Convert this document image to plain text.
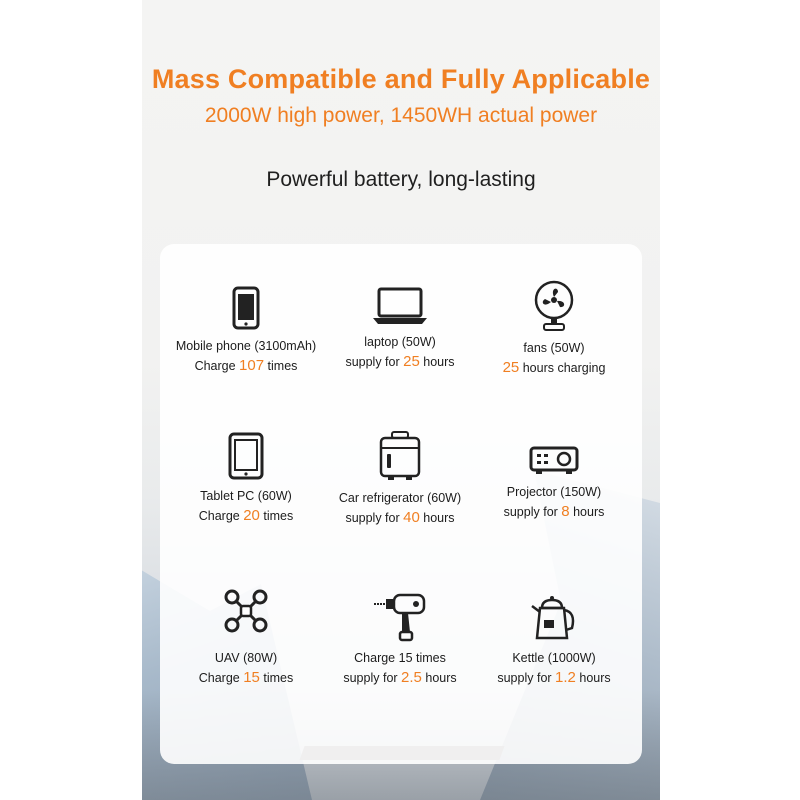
Mass Compatible and Fully Applicable
2000W high power, 1450WH actual power
Powerful battery, long-lasting
Mobile phone (3100mAh)
Charge 107 times
laptop (50W)
supply for 25 hours
fans (50W)
25 hours charging
Tablet PC (60W)
Charge 20 times
Car refrigerator (60W)
supply for 40 hours
Projector (150W)
supply for 8 hours
UAV (80W)
Charge 15 times
Charge 15 times
supply for 2.5 hours
Kettle (1000W)
supply for 1.2 hours
